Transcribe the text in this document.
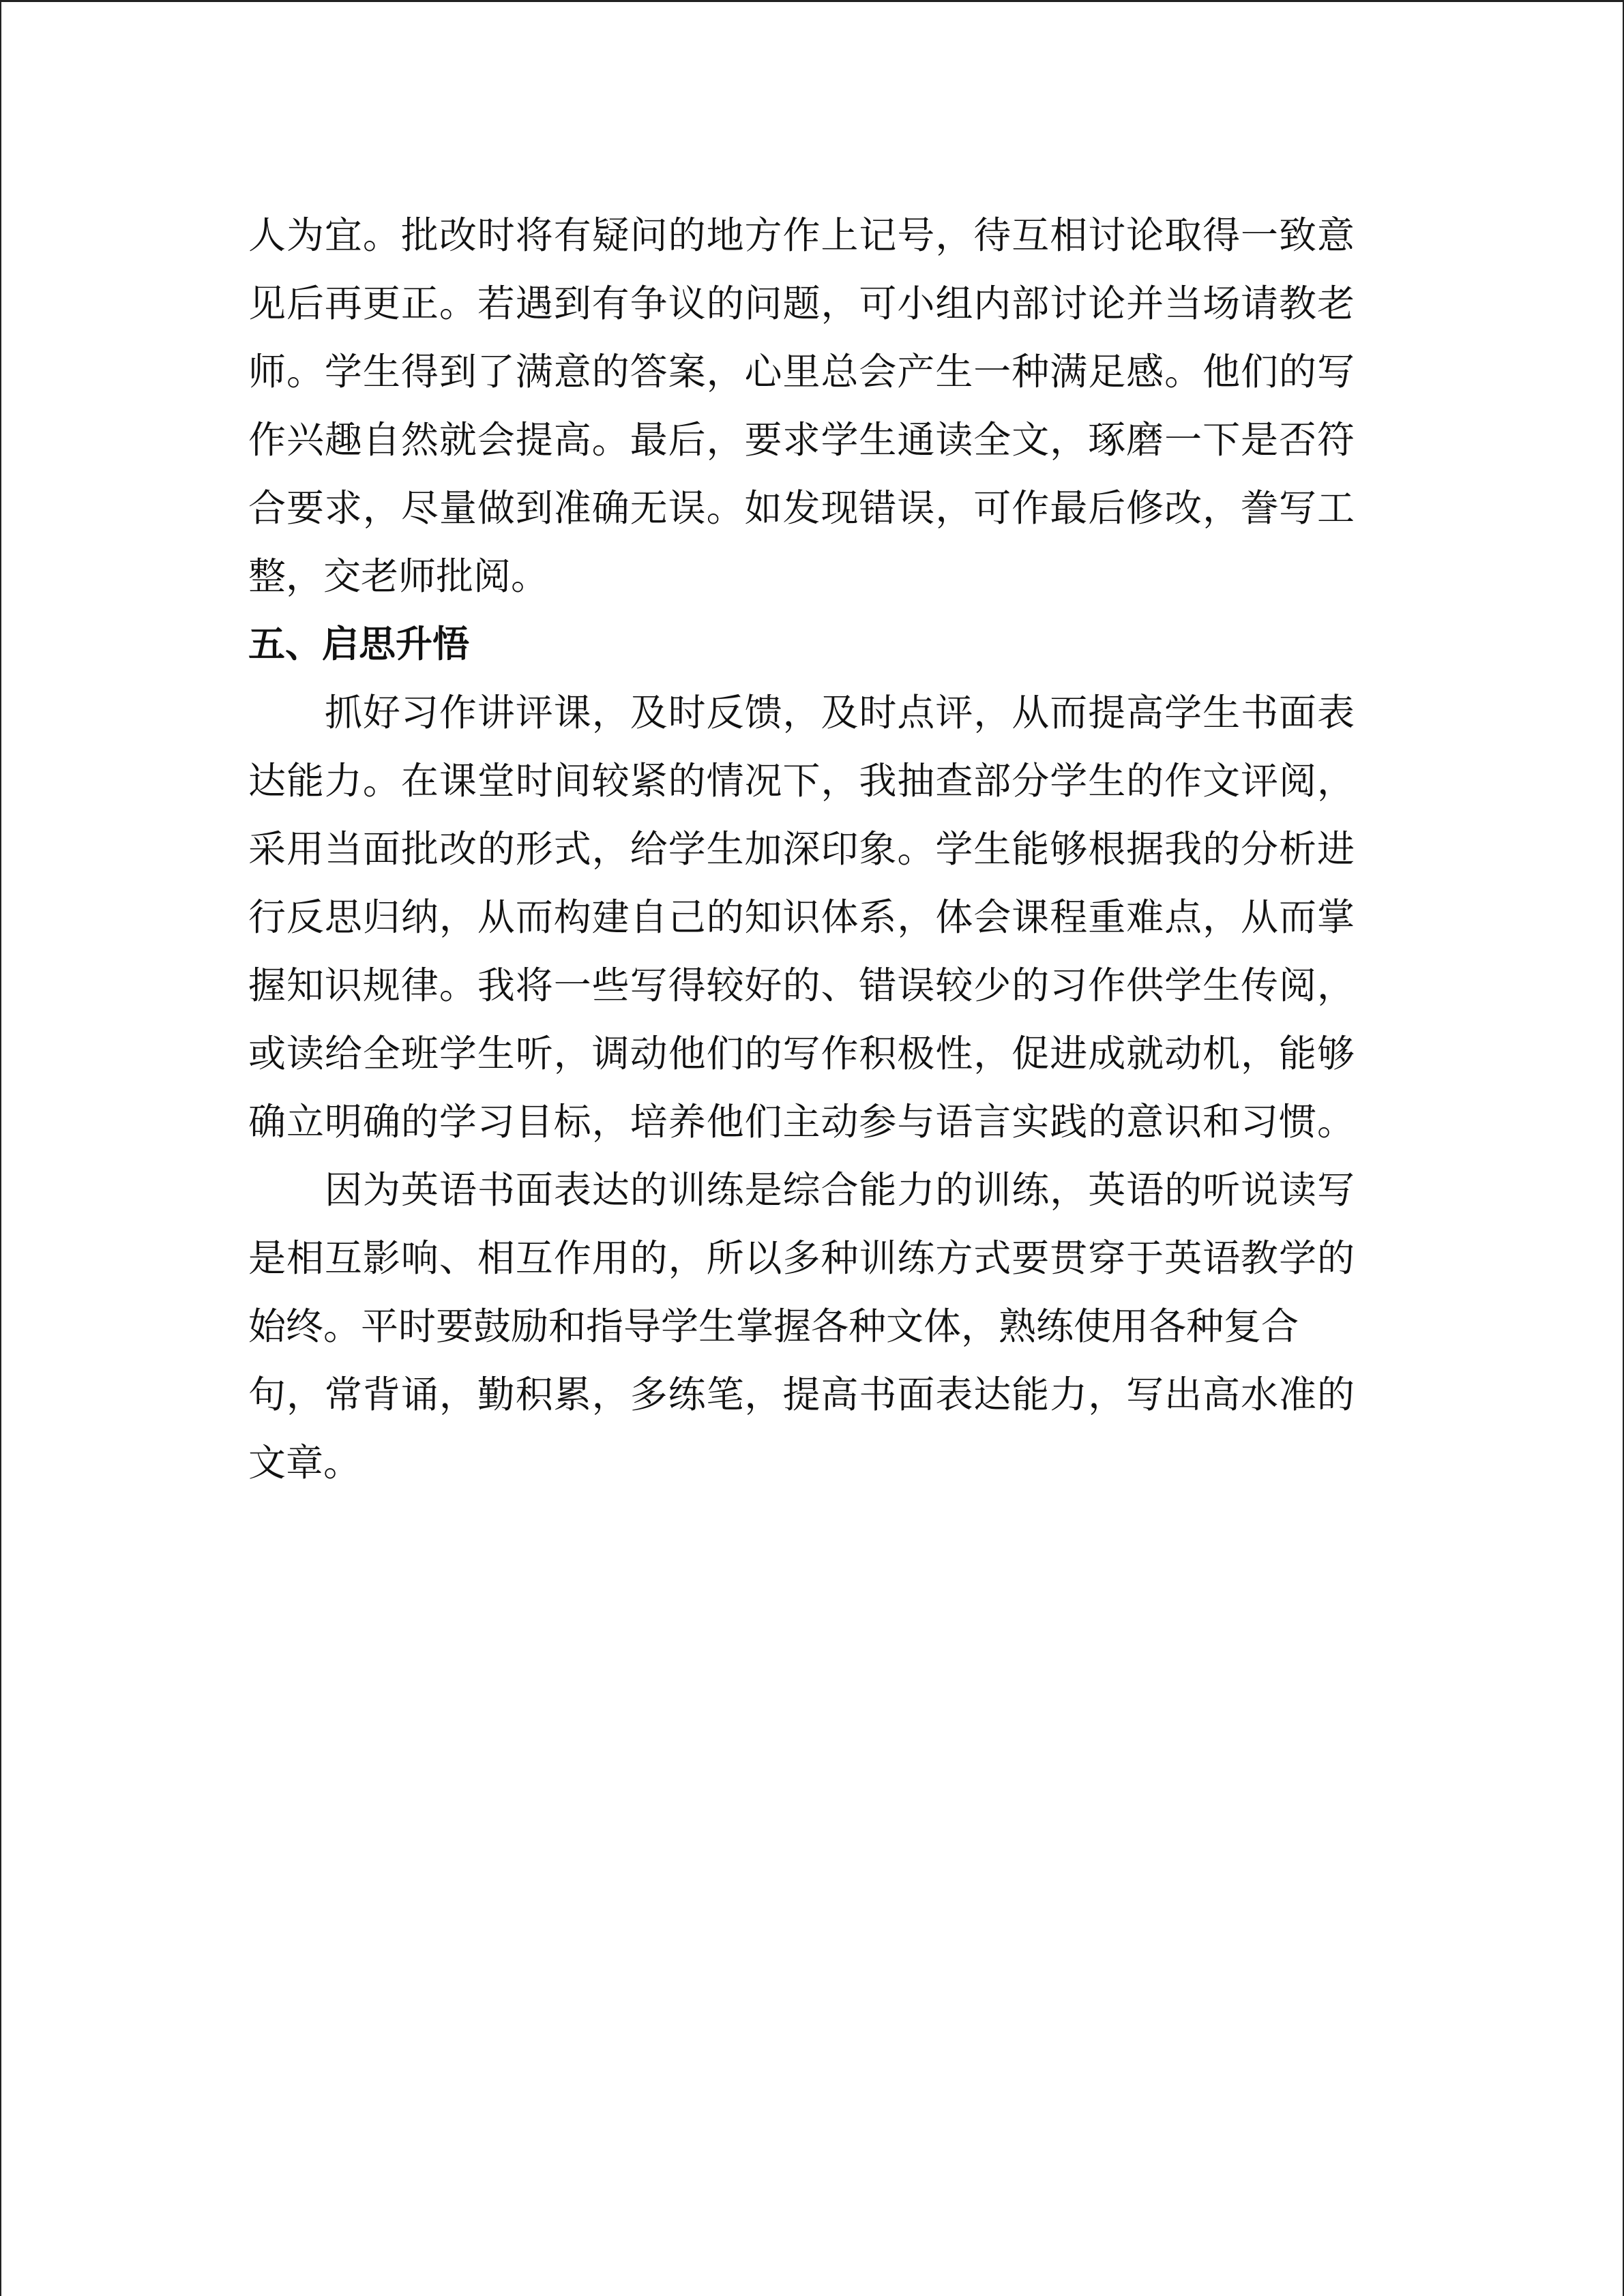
人为宜。批改时将有疑问的地方作上记号，待互相讨论取得一致意
见后再更正。若遇到有争议的问题，可小组内部讨论并当场请教老
师。学生得到了满意的答案，心里总会产生一种满足感。他们的写
作兴趣自然就会提高。最后，要求学生通读全文，琢磨一下是否符
合要求，尽量做到准确无误。如发现错误，可作最后修改，誊写工
整，交老师批阅。
五、启思升悟
抓好习作讲评课，及时反馈，及时点评，从而提高学生书面表
达能力。在课堂时间较紧的情况下，我抽查部分学生的作文评阅，
采用当面批改的形式，给学生加深印象。学生能够根据我的分析进
行反思归纳，从而构建自己的知识体系，体会课程重难点，从而掌
握知识规律。我将一些写得较好的、错误较少的习作供学生传阅，
或读给全班学生听，调动他们的写作积极性，促进成就动机，能够
确立明确的学习目标，培养他们主动参与语言实践的意识和习惯。
因为英语书面表达的训练是综合能力的训练，英语的听说读写
是相互影响、相互作用的，所以多种训练方式要贯穿于英语教学的
始终。平时要鼓励和指导学生掌握各种文体，熟练使用各种复合
句，常背诵，勤积累，多练笔，提高书面表达能力，写出高水准的
文章。
